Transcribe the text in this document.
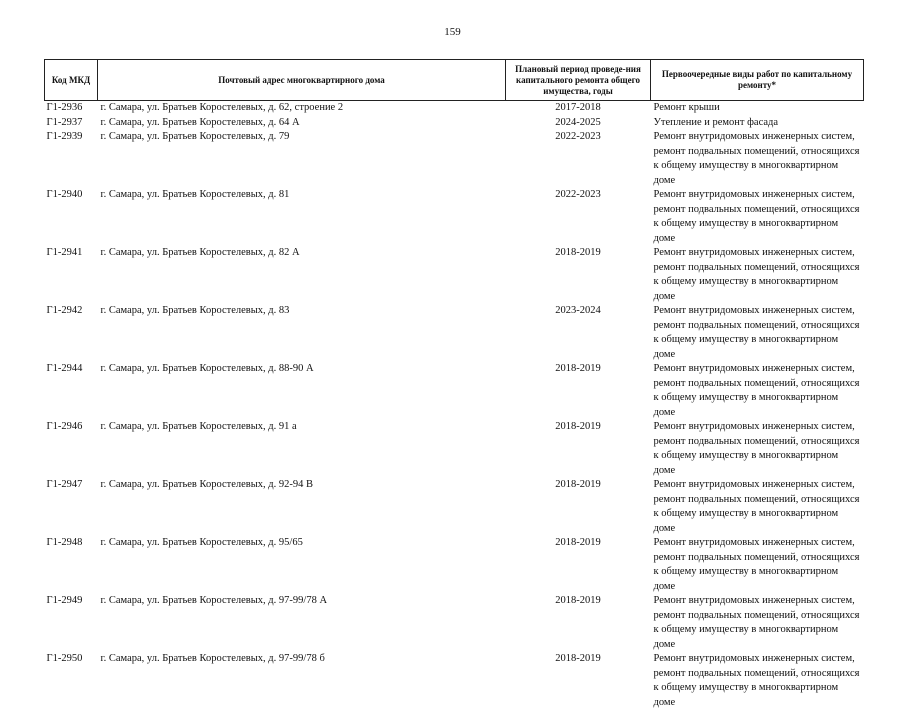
159
Код МКД	Почтовый адрес многоквартирного дома	Плановый период проведе-ния капитального ремонта общего имущества, годы	Первоочередные виды работ по капитальному ремонту*
Г1-2936	г. Самара, ул. Братьев Коростелевых, д. 62, строение 2	2017-2018	Ремонт крыши
Г1-2937	г. Самара, ул. Братьев Коростелевых, д. 64 А	2024-2025	Утепление и ремонт фасада
Г1-2939	г. Самара, ул. Братьев Коростелевых, д. 79	2022-2023	Ремонт внутридомовых инженерных систем, ремонт подвальных помещений, относящихся к общему имуществу в многоквартирном доме
Г1-2940	г. Самара, ул. Братьев Коростелевых, д. 81	2022-2023	Ремонт внутридомовых инженерных систем, ремонт подвальных помещений, относящихся к общему имуществу в многоквартирном доме
Г1-2941	г. Самара, ул. Братьев Коростелевых, д. 82 А	2018-2019	Ремонт внутридомовых инженерных систем, ремонт подвальных помещений, относящихся к общему имуществу в многоквартирном доме
Г1-2942	г. Самара, ул. Братьев Коростелевых, д. 83	2023-2024	Ремонт внутридомовых инженерных систем, ремонт подвальных помещений, относящихся к общему имуществу в многоквартирном доме
Г1-2944	г. Самара, ул. Братьев Коростелевых, д. 88-90 А	2018-2019	Ремонт внутридомовых инженерных систем, ремонт подвальных помещений, относящихся к общему имуществу в многоквартирном доме
Г1-2946	г. Самара, ул. Братьев Коростелевых, д. 91 а	2018-2019	Ремонт внутридомовых инженерных систем, ремонт подвальных помещений, относящихся к общему имуществу в многоквартирном доме
Г1-2947	г. Самара, ул. Братьев Коростелевых, д. 92-94 В	2018-2019	Ремонт внутридомовых инженерных систем, ремонт подвальных помещений, относящихся к общему имуществу в многоквартирном доме
Г1-2948	г. Самара, ул. Братьев Коростелевых, д. 95/65	2018-2019	Ремонт внутридомовых инженерных систем, ремонт подвальных помещений, относящихся к общему имуществу в многоквартирном доме
Г1-2949	г. Самара, ул. Братьев Коростелевых, д. 97-99/78 А	2018-2019	Ремонт внутридомовых инженерных систем, ремонт подвальных помещений, относящихся к общему имуществу в многоквартирном доме
Г1-2950	г. Самара, ул. Братьев Коростелевых, д. 97-99/78 б	2018-2019	Ремонт внутридомовых инженерных систем, ремонт подвальных помещений, относящихся к общему имуществу в многоквартирном доме
